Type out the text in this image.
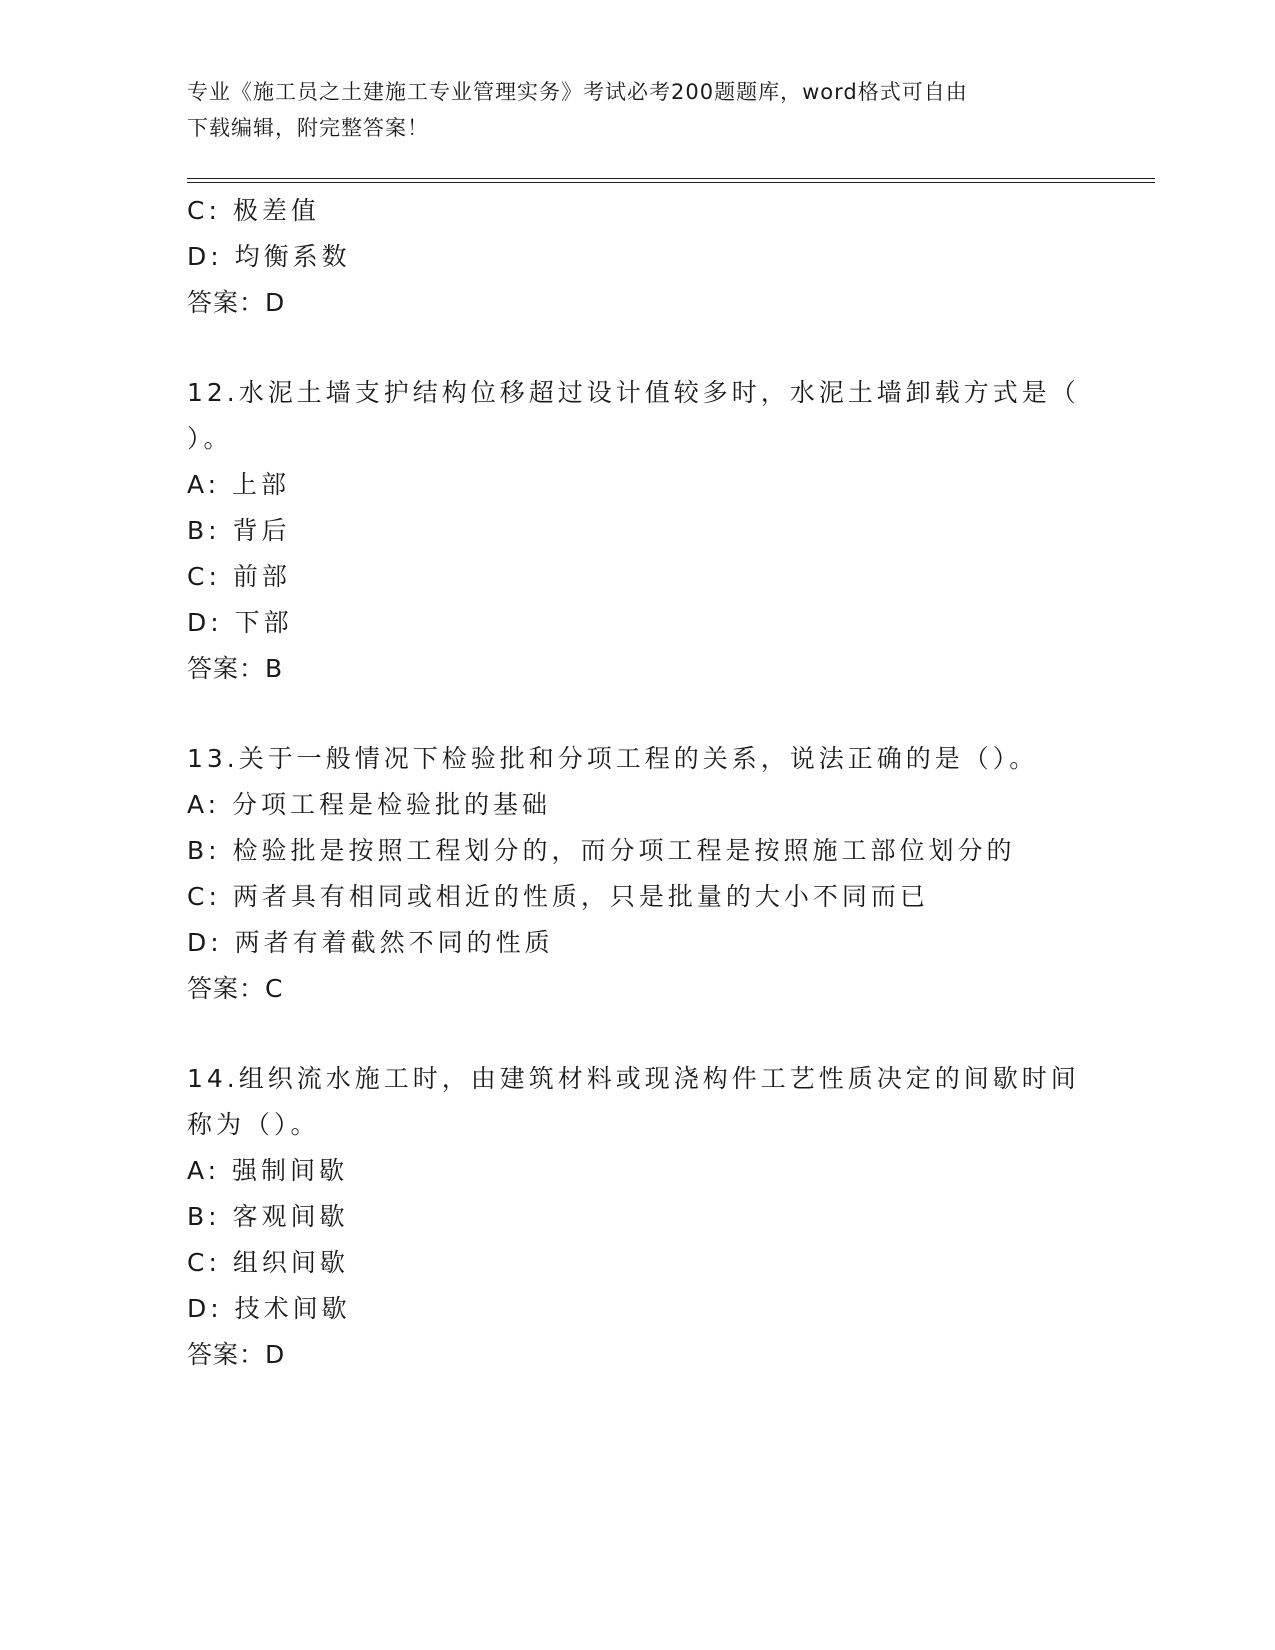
专业《施工员之土建施工专业管理实务》考试必考200题题库，word格式可自由
下载编辑，附完整答案！
C: 极差值
D: 均衡系数
答案：D
12.水泥土墙支护结构位移超过设计值较多时，水泥土墙卸载方式是（
）。
A: 上部
B: 背后
C: 前部
D: 下部
答案：B
13.关于一般情况下检验批和分项工程的关系，说法正确的是（）。
A: 分项工程是检验批的基础
B: 检验批是按照工程划分的，而分项工程是按照施工部位划分的
C: 两者具有相同或相近的性质，只是批量的大小不同而已
D: 两者有着截然不同的性质
答案：C
14.组织流水施工时，由建筑材料或现浇构件工艺性质决定的间歇时间
称为（）。
A: 强制间歇
B: 客观间歇
C: 组织间歇
D: 技术间歇
答案：D
